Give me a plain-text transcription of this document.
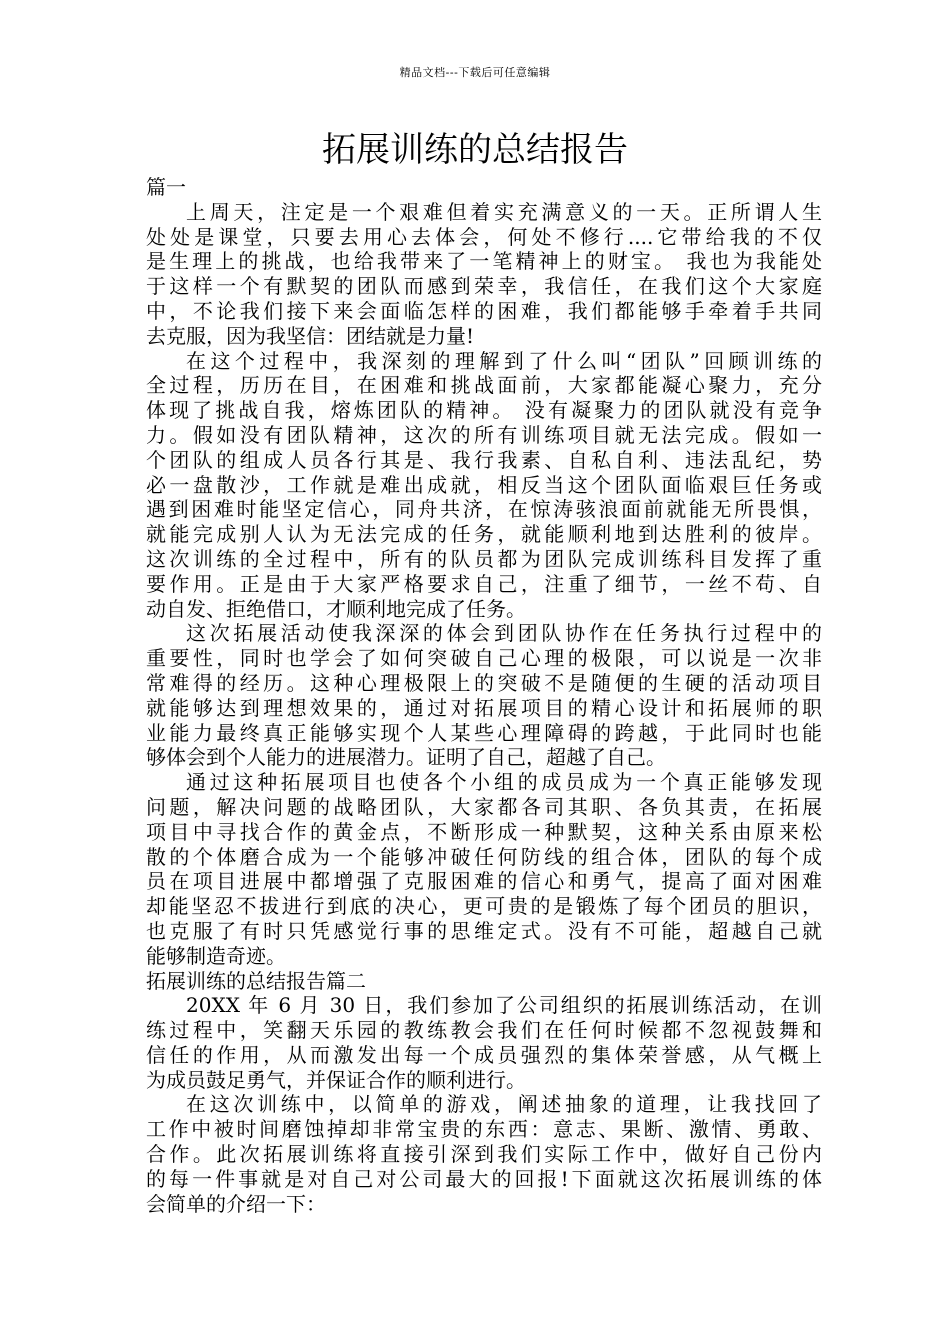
精品文档---下载后可任意编辑
拓展训练的总结报告
篇一
上周天，注定是一个艰难但着实充满意义的一天。正所谓人生
处处是课堂，只要去用心去体会，何处不修行....它带给我的不仅
是生理上的挑战，也给我带来了一笔精神上的财宝。 我也为我能处
于这样一个有默契的团队而感到荣幸，我信任，在我们这个大家庭
中，不论我们接下来会面临怎样的困难，我们都能够手牵着手共同
去克服，因为我坚信：团结就是力量!
在这个过程中，我深刻的理解到了什么叫“团队”回顾训练的
全过程，历历在目，在困难和挑战面前，大家都能凝心聚力，充分
体现了挑战自我，熔炼团队的精神。 没有凝聚力的团队就没有竞争
力。假如没有团队精神，这次的所有训练项目就无法完成。假如一
个团队的组成人员各行其是、我行我素、自私自利、违法乱纪，势
必一盘散沙，工作就是难出成就，相反当这个团队面临艰巨任务或
遇到困难时能坚定信心，同舟共济，在惊涛骇浪面前就能无所畏惧，
就能完成别人认为无法完成的任务，就能顺利地到达胜利的彼岸。
这次训练的全过程中，所有的队员都为团队完成训练科目发挥了重
要作用。正是由于大家严格要求自己，注重了细节，一丝不苟、自
动自发、拒绝借口，才顺利地完成了任务。
这次拓展活动使我深深的体会到团队协作在任务执行过程中的
重要性，同时也学会了如何突破自己心理的极限，可以说是一次非
常难得的经历。这种心理极限上的突破不是随便的生硬的活动项目
就能够达到理想效果的，通过对拓展项目的精心设计和拓展师的职
业能力最终真正能够实现个人某些心理障碍的跨越，于此同时也能
够体会到个人能力的进展潜力。证明了自己，超越了自己。
通过这种拓展项目也使各个小组的成员成为一个真正能够发现
问题，解决问题的战略团队，大家都各司其职、各负其责，在拓展
项目中寻找合作的黄金点，不断形成一种默契，这种关系由原来松
散的个体磨合成为一个能够冲破任何防线的组合体，团队的每个成
员在项目进展中都增强了克服困难的信心和勇气，提高了面对困难
却能坚忍不拔进行到底的决心，更可贵的是锻炼了每个团员的胆识，
也克服了有时只凭感觉行事的思维定式。没有不可能，超越自己就
能够制造奇迹。
拓展训练的总结报告篇二
20XX 年 6 月 30 日，我们参加了公司组织的拓展训练活动，在训
练过程中，笑翻天乐园的教练教会我们在任何时候都不忽视鼓舞和
信任的作用，从而激发出每一个成员强烈的集体荣誉感，从气概上
为成员鼓足勇气，并保证合作的顺利进行。
在这次训练中，以简单的游戏，阐述抽象的道理，让我找回了
工作中被时间磨蚀掉却非常宝贵的东西：意志、果断、激情、勇敢、
合作。此次拓展训练将直接引深到我们实际工作中，做好自己份内
的每一件事就是对自己对公司最大的回报!下面就这次拓展训练的体
会简单的介绍一下：
